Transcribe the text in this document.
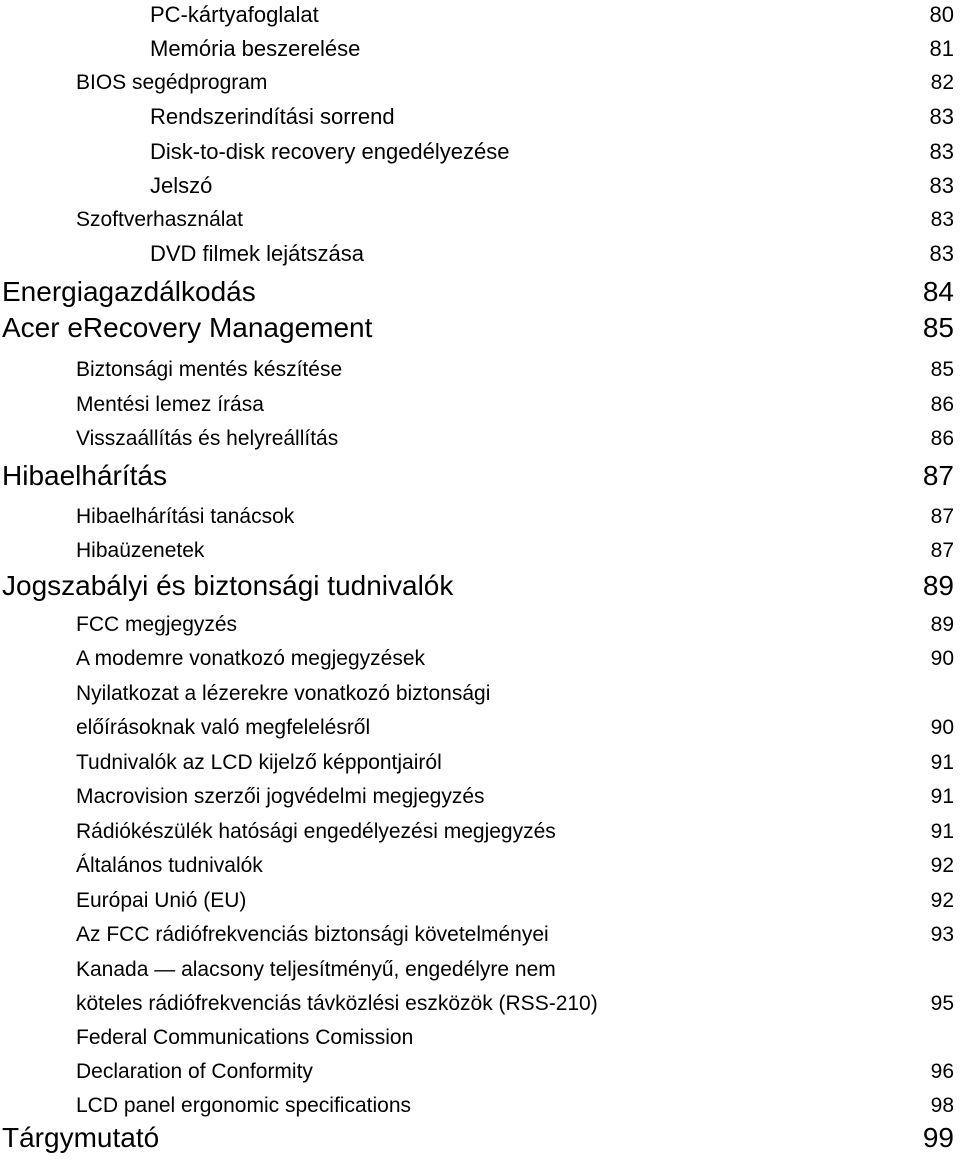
PC-kártyafoglalat	80
Memória beszerelése	81
BIOS segédprogram	82
Rendszerindítási sorrend	83
Disk-to-disk recovery engedélyezése	83
Jelszó	83
Szoftverhasználat	83
DVD filmek lejátszása	83
Energiagazdálkodás	84
Acer eRecovery Management	85
Biztonsági mentés készítése	85
Mentési lemez írása	86
Visszaállítás és helyreállítás	86
Hibaelhárítás	87
Hibaelhárítási tanácsok	87
Hibaüzenetek	87
Jogszabályi és biztonsági tudnivalók	89
FCC megjegyzés	89
A modemre vonatkozó megjegyzések	90
Nyilatkozat a lézerekre vonatkozó biztonsági
előírásoknak való megfelelésről	90
Tudnivalók az LCD kijelző képpontjairól	91
Macrovision szerzői jogvédelmi megjegyzés	91
Rádiókészülék hatósági engedélyezési megjegyzés	91
Általános tudnivalók	92
Európai Unió (EU)	92
Az FCC rádiófrekvenciás biztonsági követelményei	93
Kanada — alacsony teljesítményű, engedélyre nem
köteles rádiófrekvenciás távközlési eszközök (RSS-210)	95
Federal Communications Comission
Declaration of Conformity	96
LCD panel ergonomic specifications	98
Tárgymutató	99
